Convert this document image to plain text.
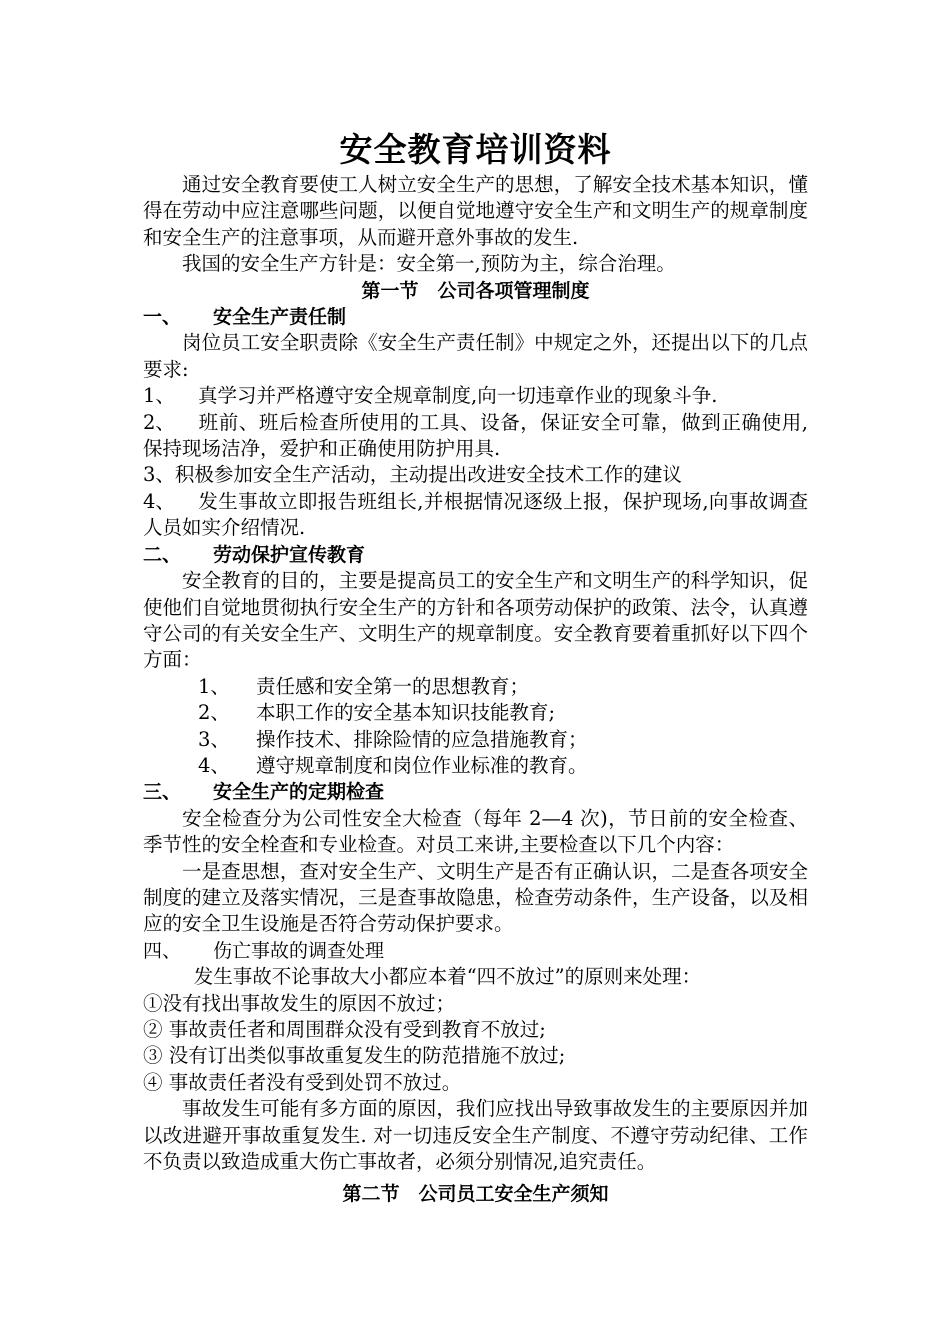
安全教育培训资料

通过安全教育要使工人树立安全生产的思想，了解安全技术基本知识，懂得在劳动中应注意哪些问题，以便自觉地遵守安全生产和文明生产的规章制度和安全生产的注意事项，从而避开意外事故的发生.

我国的安全生产方针是：安全第一,预防为主，综合治理。

第一节　公司各项管理制度
一、 安全生产责任制

岗位员工安全职责除《安全生产责任制》中规定之外，还提出以下的几点要求:

1、 真学习并严格遵守安全规章制度,向一切违章作业的现象斗争.

2、 班前、班后检查所使用的工具、设备，保证安全可靠，做到正确使用,保持现场洁净，爱护和正确使用防护用具.

3、积极参加安全生产活动，主动提出改进安全技术工作的建议

4、 发生事故立即报告班组长,并根据情况逐级上报，保护现场,向事故调查人员如实介绍情况.

二、 劳动保护宣传教育

安全教育的目的，主要是提高员工的安全生产和文明生产的科学知识，促使他们自觉地贯彻执行安全生产的方针和各项劳动保护的政策、法令，认真遵守公司的有关安全生产、文明生产的规章制度。安全教育要着重抓好以下四个方面：

1、 责任感和安全第一的思想教育；

2、 本职工作的安全基本知识技能教育;

3、 操作技术、排除险情的应急措施教育；

4、 遵守规章制度和岗位作业标准的教育。

三、 安全生产的定期检查

安全检查分为公司性安全大检查（每年 2—4 次)，节日前的安全检查、季节性的安全栓查和专业检查。对员工来讲,主要检查以下几个内容：

一是查思想，查对安全生产、文明生产是否有正确认识，二是查各项安全制度的建立及落实情况，三是查事故隐患，检查劳动条件，生产设备，以及相应的安全卫生设施是否符合劳动保护要求。

四、 伤亡事故的调查处理

发生事故不论事故大小都应本着“四不放过”的原则来处理：

①没有找出事故发生的原因不放过；

② 事故责任者和周围群众没有受到教育不放过;

③ 没有订出类似事故重复发生的防范措施不放过;

④ 事故责任者没有受到处罚不放过。

事故发生可能有多方面的原因，我们应找出导致事故发生的主要原因并加以改进避开事故重复发生. 对一切违反安全生产制度、不遵守劳动纪律、工作不负责以致造成重大伤亡事故者，必须分别情况,追究责任。

第二节　公司员工安全生产须知
